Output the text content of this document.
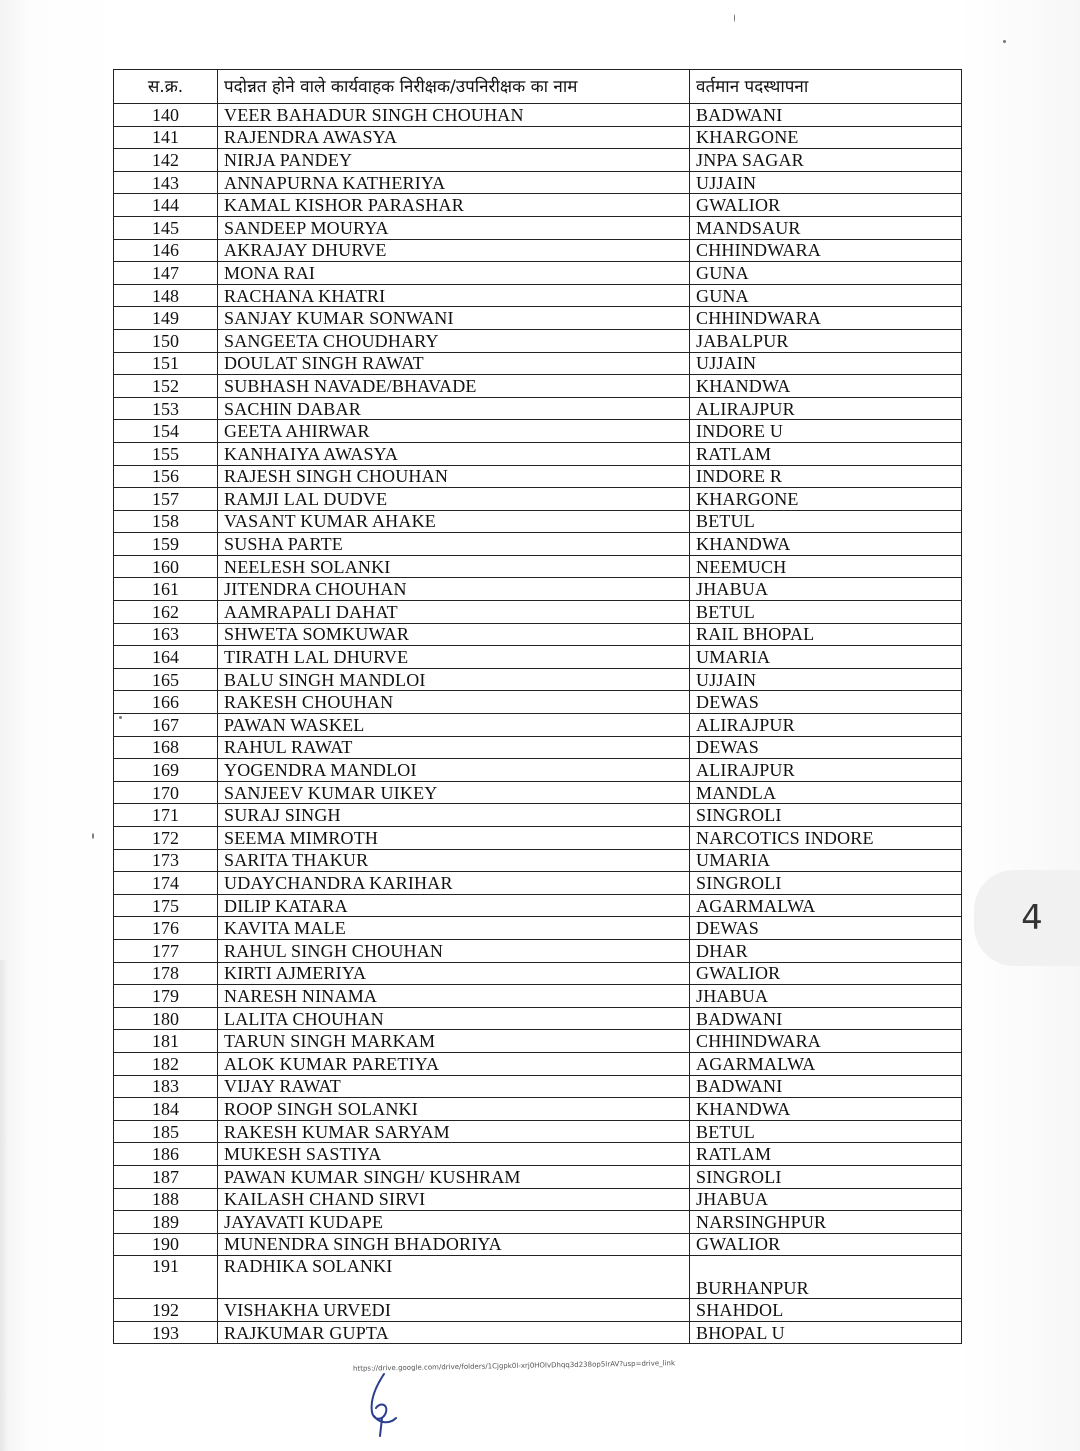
स.क्र.	पदोन्नत होने वाले कार्यवाहक निरीक्षक/उपनिरीक्षक का नाम	वर्तमान पदस्थापना
140	VEER BAHADUR SINGH CHOUHAN	BADWANI
141	RAJENDRA AWASYA	KHARGONE
142	NIRJA PANDEY	JNPA SAGAR
143	ANNAPURNA KATHERIYA	UJJAIN
144	KAMAL KISHOR PARASHAR	GWALIOR
145	SANDEEP MOURYA	MANDSAUR
146	AKRAJAY DHURVE	CHHINDWARA
147	MONA RAI	GUNA
148	RACHANA KHATRI	GUNA
149	SANJAY KUMAR SONWANI	CHHINDWARA
150	SANGEETA CHOUDHARY	JABALPUR
151	DOULAT SINGH RAWAT	UJJAIN
152	SUBHASH NAVADE/BHAVADE	KHANDWA
153	SACHIN DABAR	ALIRAJPUR
154	GEETA AHIRWAR	INDORE U
155	KANHAIYA AWASYA	RATLAM
156	RAJESH SINGH CHOUHAN	INDORE R
157	RAMJI LAL DUDVE	KHARGONE
158	VASANT KUMAR AHAKE	BETUL
159	SUSHA PARTE	KHANDWA
160	NEELESH SOLANKI	NEEMUCH
161	JITENDRA CHOUHAN	JHABUA
162	AAMRAPALI DAHAT	BETUL
163	SHWETA SOMKUWAR	RAIL BHOPAL
164	TIRATH LAL DHURVE	UMARIA
165	BALU SINGH MANDLOI	UJJAIN
166	RAKESH CHOUHAN	DEWAS
167	PAWAN WASKEL	ALIRAJPUR
168	RAHUL RAWAT	DEWAS
169	YOGENDRA MANDLOI	ALIRAJPUR
170	SANJEEV KUMAR UIKEY	MANDLA
171	SURAJ SINGH	SINGROLI
172	SEEMA MIMROTH	NARCOTICS INDORE
173	SARITA THAKUR	UMARIA
174	UDAYCHANDRA KARIHAR	SINGROLI
175	DILIP KATARA	AGARMALWA
176	KAVITA MALE	DEWAS
177	RAHUL SINGH CHOUHAN	DHAR
178	KIRTI AJMERIYA	GWALIOR
179	NARESH NINAMA	JHABUA
180	LALITA CHOUHAN	BADWANI
181	TARUN SINGH MARKAM	CHHINDWARA
182	ALOK KUMAR PARETIYA	AGARMALWA
183	VIJAY RAWAT	BADWANI
184	ROOP SINGH SOLANKI	KHANDWA
185	RAKESH KUMAR SARYAM	BETUL
186	MUKESH SASTIYA	RATLAM
187	PAWAN KUMAR SINGH/ KUSHRAM	SINGROLI
188	KAILASH CHAND SIRVI	JHABUA
189	JAYAVATI KUDAPE	NARSINGHPUR
190	MUNENDRA SINGH BHADORIYA	GWALIOR
191	RADHIKA SOLANKI	BURHANPUR
192	VISHAKHA URVEDI	SHAHDOL
193	RAJKUMAR GUPTA	BHOPAL U
https://drive.google.com/drive/folders/1Cjgpk0l-xrj0HOlvDhqq3d238op5IrAV?usp=drive_link
4
